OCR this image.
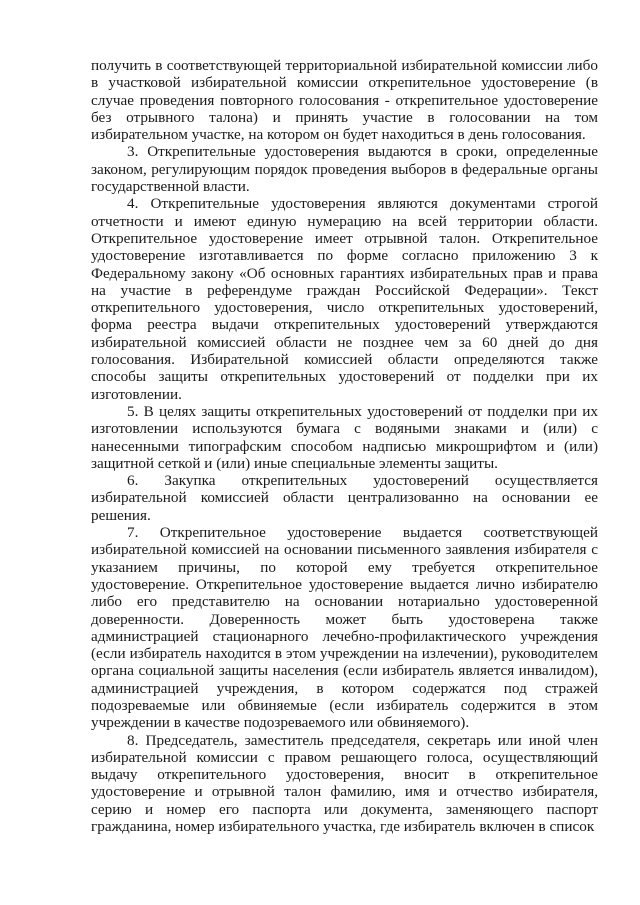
получить в соответствующей территориальной избирательной комиссии либо в участковой избирательной комиссии открепительное удостоверение (в случае проведения повторного голосования - открепительное удостоверение без отрывного талона) и принять участие в голосовании на том избирательном участке, на котором он будет находиться в день голосования.

3. Открепительные удостоверения выдаются в сроки, определенные законом, регулирующим порядок проведения выборов в федеральные органы государственной власти.

4. Открепительные удостоверения являются документами строгой отчетности и имеют единую нумерацию на всей территории области. Открепительное удостоверение имеет отрывной талон. Открепительное удостоверение изготавливается по форме согласно приложению 3 к Федеральному закону «Об основных гарантиях избирательных прав и права на участие в референдуме граждан Российской Федерации». Текст открепительного удостоверения, число открепительных удостоверений, форма реестра выдачи открепительных удостоверений утверждаются избирательной комиссией области не позднее чем за 60 дней до дня голосования. Избирательной комиссией области определяются также способы защиты открепительных удостоверений от подделки при их изготовлении.

5. В целях защиты открепительных удостоверений от подделки при их изготовлении используются бумага с водяными знаками и (или) с нанесенными типографским способом надписью микрошрифтом и (или) защитной сеткой и (или) иные специальные элементы защиты.

6. Закупка открепительных удостоверений осуществляется избирательной комиссией области централизованно на основании ее решения.

7. Открепительное удостоверение выдается соответствующей избирательной комиссией на основании письменного заявления избирателя с указанием причины, по которой ему требуется открепительное удостоверение. Открепительное удостоверение выдается лично избирателю либо его представителю на основании нотариально удостоверенной доверенности. Доверенность может быть удостоверена также администрацией стационарного лечебно-профилактического учреждения (если избиратель находится в этом учреждении на излечении), руководителем органа социальной защиты населения (если избиратель является инвалидом), администрацией учреждения, в котором содержатся под стражей подозреваемые или обвиняемые (если избиратель содержится в этом учреждении в качестве подозреваемого или обвиняемого).

8. Председатель, заместитель председателя, секретарь или иной член избирательной комиссии с правом решающего голоса, осуществляющий выдачу открепительного удостоверения, вносит в открепительное удостоверение и отрывной талон фамилию, имя и отчество избирателя, серию и номер его паспорта или документа, заменяющего паспорт гражданина, номер избирательного участка, где избиратель включен в список
